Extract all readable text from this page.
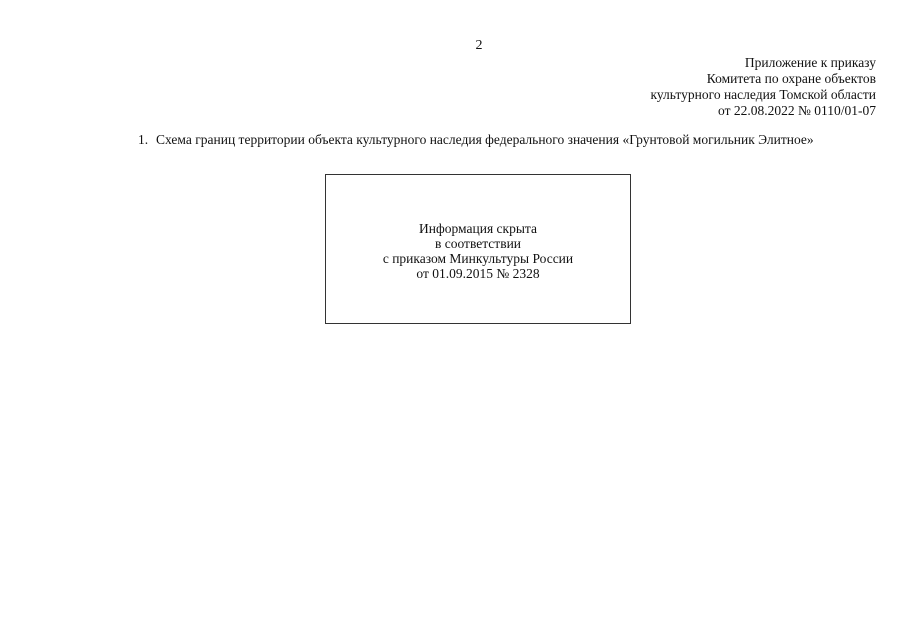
2
Приложение к приказу
Комитета по охране объектов
культурного наследия Томской области
от 22.08.2022 № 0110/01-07
1. Схема границ территории объекта культурного наследия федерального значения «Грунтовой могильник Элитное»
Информация скрыта
в соответствии
с приказом Минкультуры России
от 01.09.2015 № 2328
